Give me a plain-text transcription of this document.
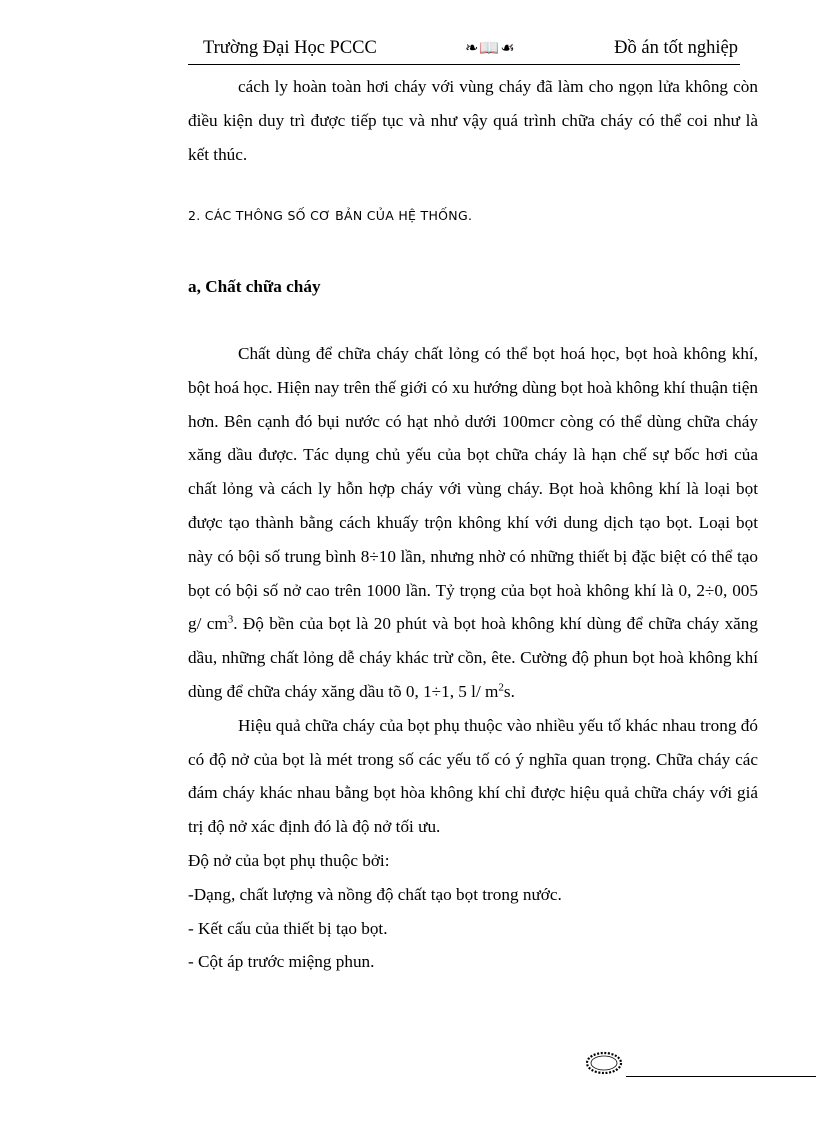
Trường Đại Học PCCC	❧📖☙	Đồ án tốt nghiệp

cách ly hoàn toàn hơi cháy với vùng cháy đã làm cho ngọn lửa không còn điều kiện duy trì được tiếp tục và như vậy quá trình chữa cháy có thể coi như là kết thúc.

2. CÁC THÔNG SỐ CƠ BẢN CỦA HỆ THỐNG.

a, Chất chữa cháy

Chất dùng để chữa cháy chất lỏng có thể bọt hoá học, bọt hoà không khí, bột hoá học. Hiện nay trên thế giới có xu hướng dùng bọt hoà không khí thuận tiện hơn. Bên cạnh đó bụi nước có hạt nhỏ dưới 100mcr còng có thể dùng chữa cháy xăng dầu được. Tác dụng chủ yếu của bọt chữa cháy là hạn chế sự bốc hơi của chất lỏng và cách ly hỗn hợp cháy với vùng cháy. Bọt hoà không khí là loại bọt được tạo thành bằng cách khuấy trộn không khí với dung dịch tạo bọt. Loại bọt này có bội số trung bình 8÷10 lần, nhưng nhờ có những thiết bị đặc biệt có thể tạo bọt có bội số nở cao trên 1000 lần. Tỷ trọng của bọt hoà không khí là 0, 2÷0, 005 g/ $cm^3$. Độ bền của bọt là 20 phút và bọt hoà không khí dùng để chữa cháy xăng dầu, những chất lỏng dễ cháy khác trừ cồn, ête. Cường độ phun bọt hoà không khí dùng để chữa cháy xăng dầu tõ 0, 1÷1, 5 l/ $m^2s$.

Hiệu quả chữa cháy của bọt phụ thuộc vào nhiều yếu tố khác nhau trong đó có độ nở của bọt là mét trong số các yếu tố có ý nghĩa quan trọng. Chữa cháy các đám cháy khác nhau bằng bọt hòa không khí chỉ được hiệu quả chữa cháy với giá trị độ nở xác định đó là độ nở tối ưu.

Độ nở của bọt phụ thuộc bởi:

-Dạng, chất lượng và nồng độ chất tạo bọt trong nước.

- Kết cấu của thiết bị tạo bọt.

- Cột áp trước miệng phun.
